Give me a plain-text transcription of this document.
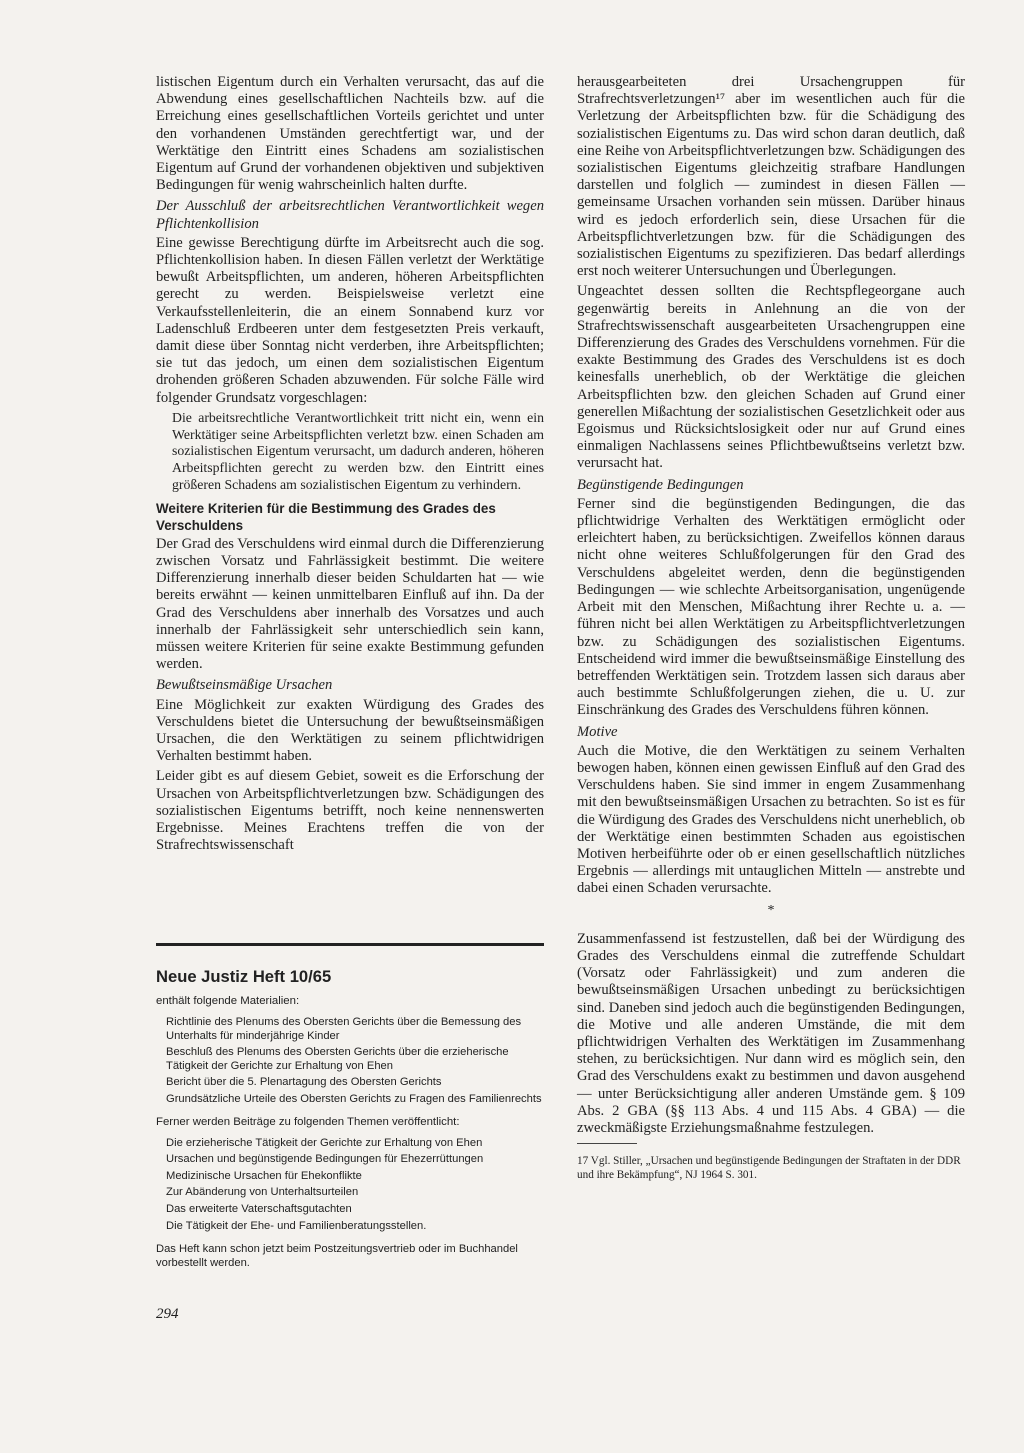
listischen Eigentum durch ein Verhalten verursacht, das auf die Abwendung eines gesellschaftlichen Nachteils bzw. auf die Erreichung eines gesellschaftlichen Vorteils gerichtet und unter den vorhandenen Umständen gerechtfertigt war, und der Werktätige den Eintritt eines Schadens am sozialistischen Eigentum auf Grund der vorhandenen objektiven und subjektiven Bedingungen für wenig wahrscheinlich halten durfte.

Der Ausschluß der arbeitsrechtlichen Verantwortlichkeit wegen Pflichtenkollision

Eine gewisse Berechtigung dürfte im Arbeitsrecht auch die sog. Pflichtenkollision haben. In diesen Fällen verletzt der Werktätige bewußt Arbeitspflichten, um anderen, höheren Arbeitspflichten gerecht zu werden. Beispielsweise verletzt eine Verkaufsstellenleiterin, die an einem Sonnabend kurz vor Ladenschluß Erdbeeren unter dem festgesetzten Preis verkauft, damit diese über Sonntag nicht verderben, ihre Arbeitspflichten; sie tut das jedoch, um einen dem sozialistischen Eigentum drohenden größeren Schaden abzuwenden. Für solche Fälle wird folgender Grundsatz vorgeschlagen:

Die arbeitsrechtliche Verantwortlichkeit tritt nicht ein, wenn ein Werktätiger seine Arbeitspflichten verletzt bzw. einen Schaden am sozialistischen Eigentum verursacht, um dadurch anderen, höheren Arbeitspflichten gerecht zu werden bzw. den Eintritt eines größeren Schadens am sozialistischen Eigentum zu verhindern.

Weitere Kriterien für die Bestimmung des Grades des Verschuldens

Der Grad des Verschuldens wird einmal durch die Differenzierung zwischen Vorsatz und Fahrlässigkeit bestimmt. Die weitere Differenzierung innerhalb dieser beiden Schuldarten hat — wie bereits erwähnt — keinen unmittelbaren Einfluß auf ihn. Da der Grad des Verschuldens aber innerhalb des Vorsatzes und auch innerhalb der Fahrlässigkeit sehr unterschiedlich sein kann, müssen weitere Kriterien für seine exakte Bestimmung gefunden werden.

Bewußtseinsmäßige Ursachen

Eine Möglichkeit zur exakten Würdigung des Grades des Verschuldens bietet die Untersuchung der bewußtseinsmäßigen Ursachen, die den Werktätigen zu seinem pflichtwidrigen Verhalten bestimmt haben.

Leider gibt es auf diesem Gebiet, soweit es die Erforschung der Ursachen von Arbeitspflichtverletzungen bzw. Schädigungen des sozialistischen Eigentums betrifft, noch keine nennenswerten Ergebnisse. Meines Erachtens treffen die von der Strafrechtswissenschaft

Neue Justiz Heft 10/65

enthält folgende Materialien:

Richtlinie des Plenums des Obersten Gerichts über die Bemessung des Unterhalts für minderjährige Kinder

Beschluß des Plenums des Obersten Gerichts über die erzieherische Tätigkeit der Gerichte zur Erhaltung von Ehen

Bericht über die 5. Plenartagung des Obersten Gerichts

Grundsätzliche Urteile des Obersten Gerichts zu Fragen des Familienrechts

Ferner werden Beiträge zu folgenden Themen veröffentlicht:

Die erzieherische Tätigkeit der Gerichte zur Erhaltung von Ehen

Ursachen und begünstigende Bedingungen für Ehezerrüttungen

Medizinische Ursachen für Ehekonflikte

Zur Abänderung von Unterhaltsurteilen

Das erweiterte Vaterschaftsgutachten

Die Tätigkeit der Ehe- und Familienberatungsstellen.

Das Heft kann schon jetzt beim Postzeitungsvertrieb oder im Buchhandel vorbestellt werden.

294

herausgearbeiteten drei Ursachengruppen für Strafrechtsverletzungen¹⁷ aber im wesentlichen auch für die Verletzung der Arbeitspflichten bzw. für die Schädigung des sozialistischen Eigentums zu. Das wird schon daran deutlich, daß eine Reihe von Arbeitspflichtverletzungen bzw. Schädigungen des sozialistischen Eigentums gleichzeitig strafbare Handlungen darstellen und folglich — zumindest in diesen Fällen — gemeinsame Ursachen vorhanden sein müssen. Darüber hinaus wird es jedoch erforderlich sein, diese Ursachen für die Arbeitspflichtverletzungen bzw. für die Schädigungen des sozialistischen Eigentums zu spezifizieren. Das bedarf allerdings erst noch weiterer Untersuchungen und Überlegungen.

Ungeachtet dessen sollten die Rechtspflegeorgane auch gegenwärtig bereits in Anlehnung an die von der Strafrechtswissenschaft ausgearbeiteten Ursachengruppen eine Differenzierung des Grades des Verschuldens vornehmen. Für die exakte Bestimmung des Grades des Verschuldens ist es doch keinesfalls unerheblich, ob der Werktätige die gleichen Arbeitspflichten bzw. den gleichen Schaden auf Grund einer generellen Mißachtung der sozialistischen Gesetzlichkeit oder aus Egoismus und Rücksichtslosigkeit oder nur auf Grund eines einmaligen Nachlassens seines Pflichtbewußtseins verletzt bzw. verursacht hat.

Begünstigende Bedingungen

Ferner sind die begünstigenden Bedingungen, die das pflichtwidrige Verhalten des Werktätigen ermöglicht oder erleichtert haben, zu berücksichtigen. Zweifellos können daraus nicht ohne weiteres Schlußfolgerungen für den Grad des Verschuldens abgeleitet werden, denn die begünstigenden Bedingungen — wie schlechte Arbeitsorganisation, ungenügende Arbeit mit den Menschen, Mißachtung ihrer Rechte u. a. — führen nicht bei allen Werktätigen zu Arbeitspflichtverletzungen bzw. zu Schädigungen des sozialistischen Eigentums. Entscheidend wird immer die bewußtseinsmäßige Einstellung des betreffenden Werktätigen sein. Trotzdem lassen sich daraus aber auch bestimmte Schlußfolgerungen ziehen, die u. U. zur Einschränkung des Grades des Verschuldens führen können.

Motive

Auch die Motive, die den Werktätigen zu seinem Verhalten bewogen haben, können einen gewissen Einfluß auf den Grad des Verschuldens haben. Sie sind immer in engem Zusammenhang mit den bewußtseinsmäßigen Ursachen zu betrachten. So ist es für die Würdigung des Grades des Verschuldens nicht unerheblich, ob der Werktätige einen bestimmten Schaden aus egoistischen Motiven herbeiführte oder ob er einen gesellschaftlich nützliches Ergebnis — allerdings mit untauglichen Mitteln — anstrebte und dabei einen Schaden verursachte.

*

Zusammenfassend ist festzustellen, daß bei der Würdigung des Grades des Verschuldens einmal die zutreffende Schuldart (Vorsatz oder Fahrlässigkeit) und zum anderen die bewußtseinsmäßigen Ursachen unbedingt zu berücksichtigen sind. Daneben sind jedoch auch die begünstigenden Bedingungen, die Motive und alle anderen Umstände, die mit dem pflichtwidrigen Verhalten des Werktätigen im Zusammenhang stehen, zu berücksichtigen. Nur dann wird es möglich sein, den Grad des Verschuldens exakt zu bestimmen und davon ausgehend — unter Berücksichtigung aller anderen Umstände gem. § 109 Abs. 2 GBA (§§ 113 Abs. 4 und 115 Abs. 4 GBA) — die zweckmäßigste Erziehungsmaßnahme festzulegen.

17 Vgl. Stiller, „Ursachen und begünstigende Bedingungen der Straftaten in der DDR und ihre Bekämpfung“, NJ 1964 S. 301.
